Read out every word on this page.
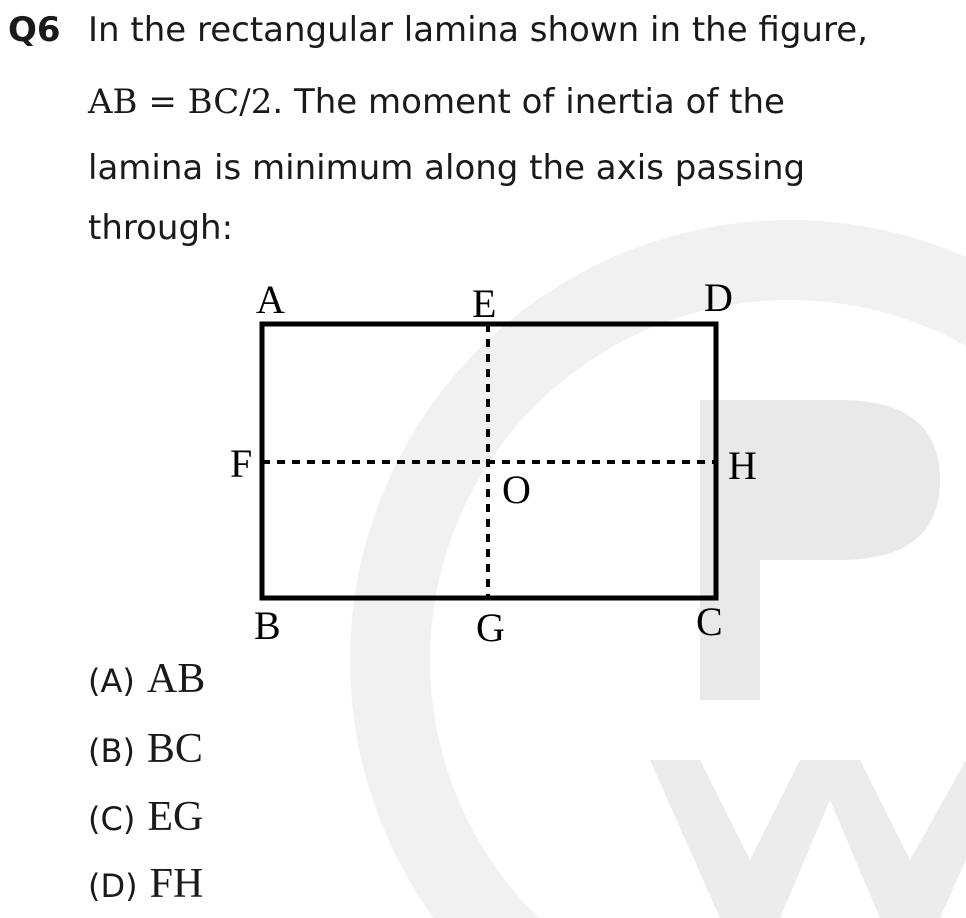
Q6 In the rectangular lamina shown in the figure,
AB = BC/2. The moment of inertia of the
lamina is minimum along the axis passing
through:
A	E	D
F	H
O
B	G	C
(A) AB
(B) BC
(C) EG
(D) FH
